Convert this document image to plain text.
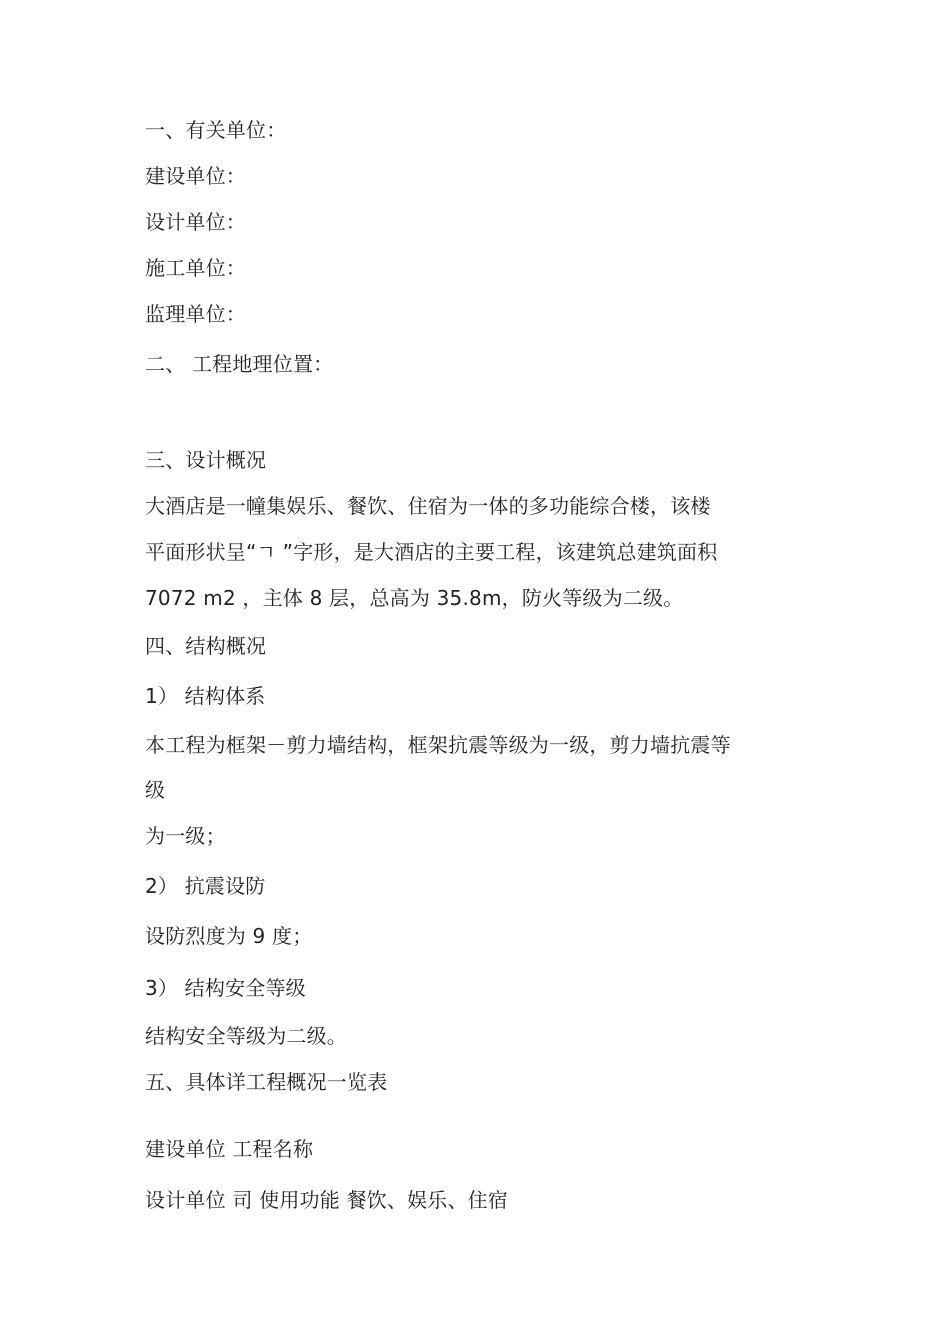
一、有关单位：
建设单位：
设计单位：
施工单位：
监理单位：
二、 工程地理位置：
三、设计概况
大酒店是一幢集娱乐、餐饮、住宿为一体的多功能综合楼，该楼
平面形状呈“ㄱ ”字形，是大酒店的主要工程，该建筑总建筑面积
7072 m2 ，主体 8 层，总高为 35.8m，防火等级为二级。
四、结构概况
1） 结构体系
本工程为框架－剪力墙结构，框架抗震等级为一级，剪力墙抗震等
级
为一级；
2） 抗震设防
设防烈度为 9 度；
3） 结构安全等级
结构安全等级为二级。
五、具体详工程概况一览表
建设单位 工程名称
设计单位 司 使用功能 餐饮、娱乐、住宿
